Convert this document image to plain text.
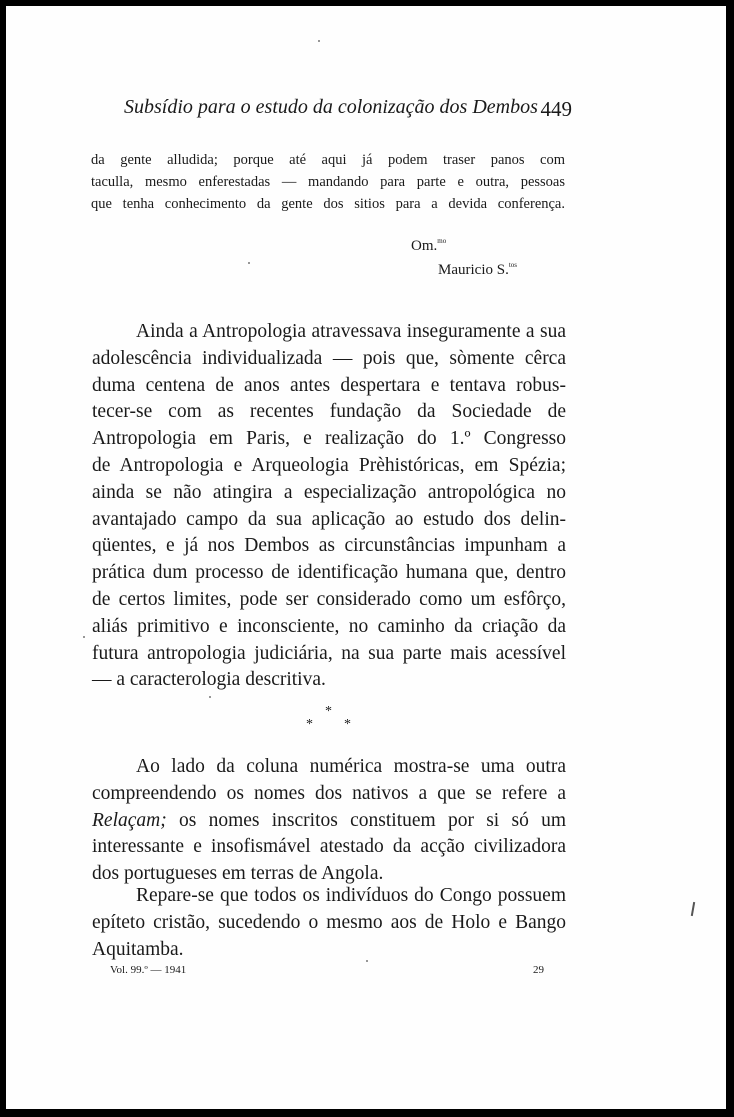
Subsídio para o estudo da colonização dos Dembos 449
da gente alludida; porque até aqui já podem traser panos com
taculla, mesmo enferestadas — mandando para parte e outra, pessoas
que tenha conhecimento da gente dos sitios para a devida conferença.
Om.$^{mo}$
Mauricio S.$^{tos}$
Ainda a Antropologia atravessava inseguramente a sua
adolescência individualizada — pois que, sòmente cêrca
duma centena de anos antes despertara e tentava robus-
tecer-se com as recentes fundação da Sociedade de
Antropologia em Paris, e realização do 1.º Congresso
de Antropologia e Arqueologia Prèhistóricas, em Spézia;
ainda se não atingira a especialização antropológica no
avantajado campo da sua aplicação ao estudo dos delin-
qüentes, e já nos Dembos as circunstâncias impunham a
prática dum processo de identificação humana que, dentro
de certos limites, pode ser considerado como um esfôrço,
aliás primitivo e inconsciente, no caminho da criação da
futura antropologia judiciária, na sua parte mais acessível
— a caracterologia descritiva.
*
* *
Ao lado da coluna numérica mostra-se uma outra
compreendendo os nomes dos nativos a que se refere a
Relaçam; os nomes inscritos constituem por si só um
interessante e insofismável atestado da acção civilizadora
dos portugueses em terras de Angola.
Repare-se que todos os indivíduos do Congo possuem
epíteto cristão, sucedendo o mesmo aos de Holo e Bango
Aquitamba.
Vol. 99.º — 1941	29
